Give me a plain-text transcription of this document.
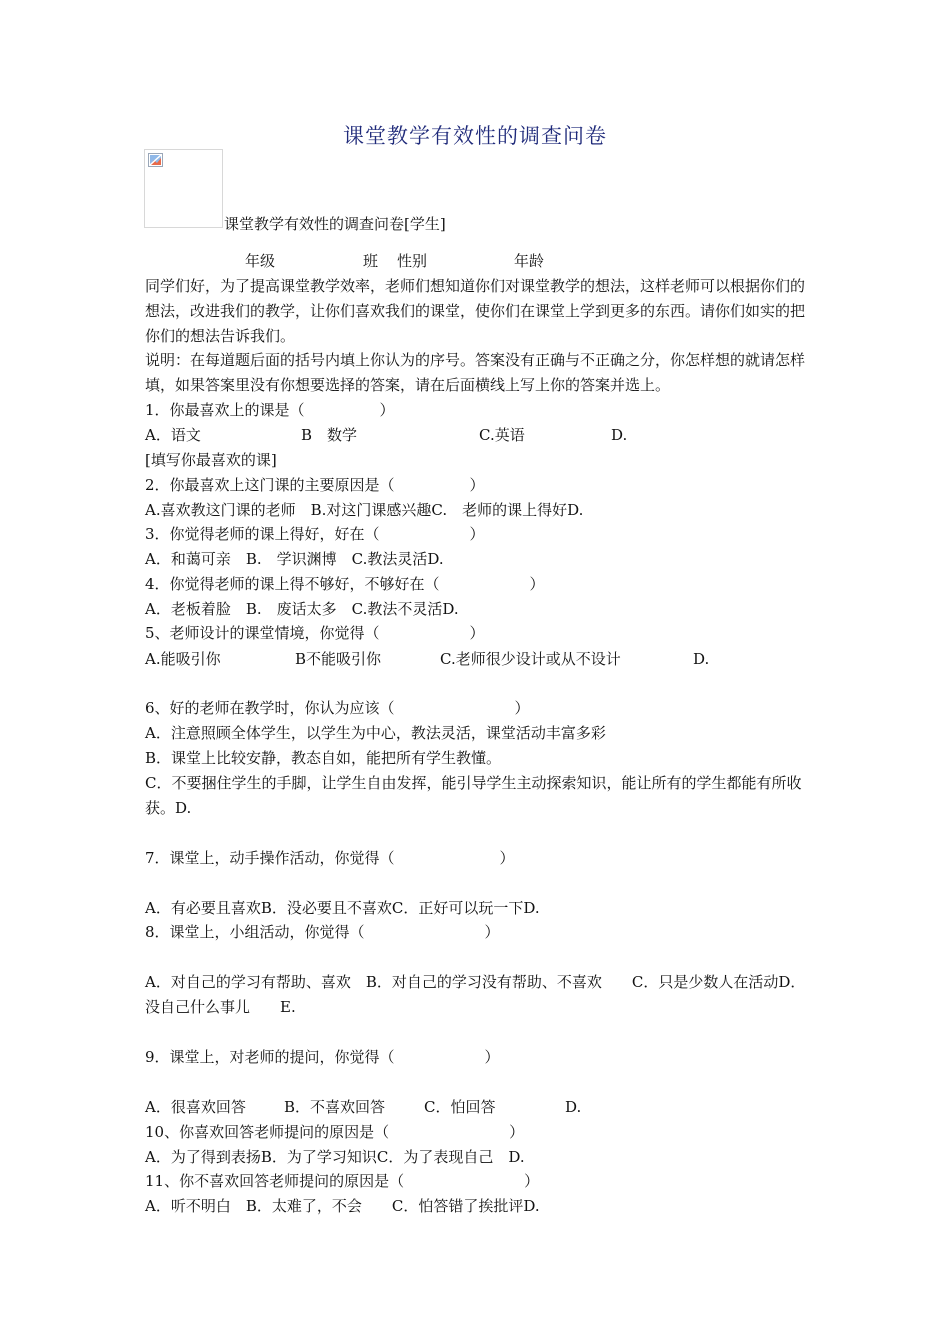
课堂教学有效性的调查问卷
课堂教学有效性的调查问卷[学生]
年级	班 性别	年龄
同学们好，为了提高课堂教学效率，老师们想知道你们对课堂教学的想法，这样老师可以根据你们的想法，改进我们的教学，让你们喜欢我们的课堂，使你们在课堂上学到更多的东西。请你们如实的把你们的想法告诉我们。
说明：在每道题后面的括号内填上你认为的序号。答案没有正确与不正确之分，你怎样想的就请怎样填，如果答案里没有你想要选择的答案，请在后面横线上写上你的答案并选上。
1．你最喜欢上的课是（　　　　　）
A．语文	B　数学	C.英语	D.
[填写你最喜欢的课]
2．你最喜欢上这门课的主要原因是（　　　　　）
A.喜欢教这门课的老师　B.对这门课感兴趣C.　老师的课上得好D.
3．你觉得老师的课上得好，好在（　　　　　　）
A．和蔼可亲　B.　学识渊博　C.教法灵活D.
4．你觉得老师的课上得不够好，不够好在（　　　　　　）
A．老板着脸　B.　废话太多　C.教法不灵活D.
5、老师设计的课堂情境，你觉得（　　　　　　）
A.能吸引你	B不能吸引你	C.老师很少设计或从不设计	D.
6、好的老师在教学时，你认为应该（　　　　　　　　）
A．注意照顾全体学生，以学生为中心，教法灵活，课堂活动丰富多彩
B．课堂上比较安静，教态自如，能把所有学生教懂。
C．不要捆住学生的手脚，让学生自由发挥，能引导学生主动探索知识，能让所有的学生都能有所收获。D.
7．课堂上，动手操作活动，你觉得（　　　　　　　）
A．有必要且喜欢B．没必要且不喜欢C．正好可以玩一下D.
8．课堂上，小组活动，你觉得（　　　　　　　　）
A．对自己的学习有帮助、喜欢　B．对自己的学习没有帮助、不喜欢　　C．只是少数人在活动D．没自己什么事儿　　E.
9．课堂上，对老师的提问，你觉得（　　　　　　）
A．很喜欢回答	B．不喜欢回答	C．怕回答	D.
10、你喜欢回答老师提问的原因是（　　　　　　　　）
A．为了得到表扬B．为了学习知识C．为了表现自己　D.
11、你不喜欢回答老师提问的原因是（　　　　　　　　）
A．听不明白　B．太难了，不会　　C．怕答错了挨批评D.
